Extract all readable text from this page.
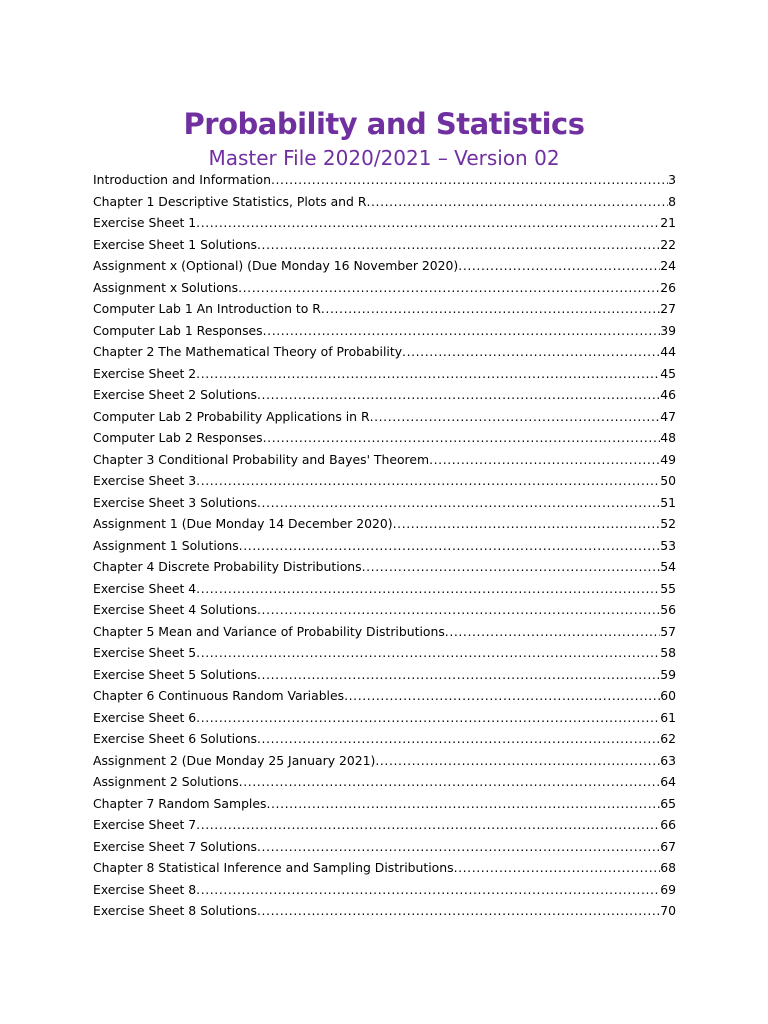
Probability and Statistics
Master File 2020/2021 – Version 02
Introduction and Information .....	3
Chapter 1 Descriptive Statistics, Plots and R .....	8
Exercise Sheet 1 .....	21
Exercise Sheet 1 Solutions .....	22
Assignment x (Optional) (Due Monday 16 November 2020) .....	24
Assignment x Solutions .....	26
Computer Lab 1 An Introduction to R .....	27
Computer Lab 1 Responses .....	39
Chapter 2 The Mathematical Theory of Probability .....	44
Exercise Sheet 2 .....	45
Exercise Sheet 2 Solutions .....	46
Computer Lab 2 Probability Applications in R .....	47
Computer Lab 2 Responses .....	48
Chapter 3 Conditional Probability and Bayes' Theorem .....	49
Exercise Sheet 3 .....	50
Exercise Sheet 3 Solutions .....	51
Assignment 1 (Due Monday 14 December 2020) .....	52
Assignment 1 Solutions .....	53
Chapter 4 Discrete Probability Distributions .....	54
Exercise Sheet 4 .....	55
Exercise Sheet 4 Solutions .....	56
Chapter 5 Mean and Variance of Probability Distributions .....	57
Exercise Sheet 5 .....	58
Exercise Sheet 5 Solutions .....	59
Chapter 6 Continuous Random Variables .....	60
Exercise Sheet 6 .....	61
Exercise Sheet 6 Solutions .....	62
Assignment 2 (Due Monday 25 January 2021) .....	63
Assignment 2 Solutions .....	64
Chapter 7 Random Samples .....	65
Exercise Sheet 7 .....	66
Exercise Sheet 7 Solutions .....	67
Chapter 8 Statistical Inference and Sampling Distributions .....	68
Exercise Sheet 8 .....	69
Exercise Sheet 8 Solutions .....	70
